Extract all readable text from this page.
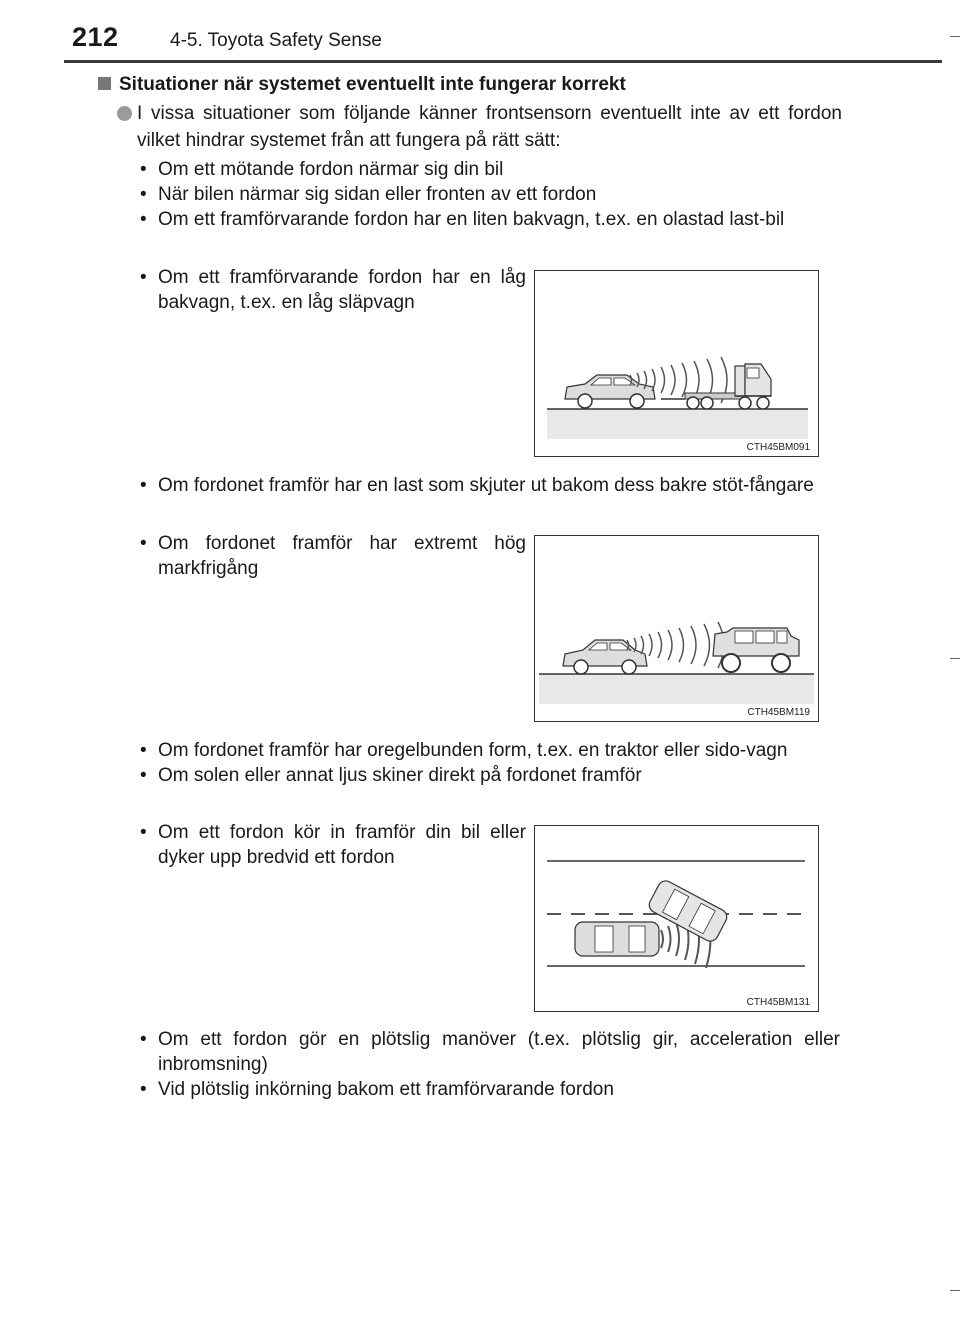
212	4-5. Toyota Safety Sense
Situationer när systemet eventuellt inte fungerar korrekt
I vissa situationer som följande känner frontsensorn eventuellt inte av ett fordon vilket hindrar systemet från att fungera på rätt sätt:
• Om ett mötande fordon närmar sig din bil
• När bilen närmar sig sidan eller fronten av ett fordon
• Om ett framförvarande fordon har en liten bakvagn, t.ex. en olastad last-bil
• Om ett framförvarande fordon har en låg bakvagn, t.ex. en låg släpvagn
CTH45BM091
• Om fordonet framför har en last som skjuter ut bakom dess bakre stöt-fångare
• Om fordonet framför har extremt hög markfrigång
CTH45BM119
• Om fordonet framför har oregelbunden form, t.ex. en traktor eller sido-vagn
• Om solen eller annat ljus skiner direkt på fordonet framför
• Om ett fordon kör in framför din bil eller dyker upp bredvid ett fordon
CTH45BM131
• Om ett fordon gör en plötslig manöver (t.ex. plötslig gir, acceleration eller inbromsning)
• Vid plötslig inkörning bakom ett framförvarande fordon
